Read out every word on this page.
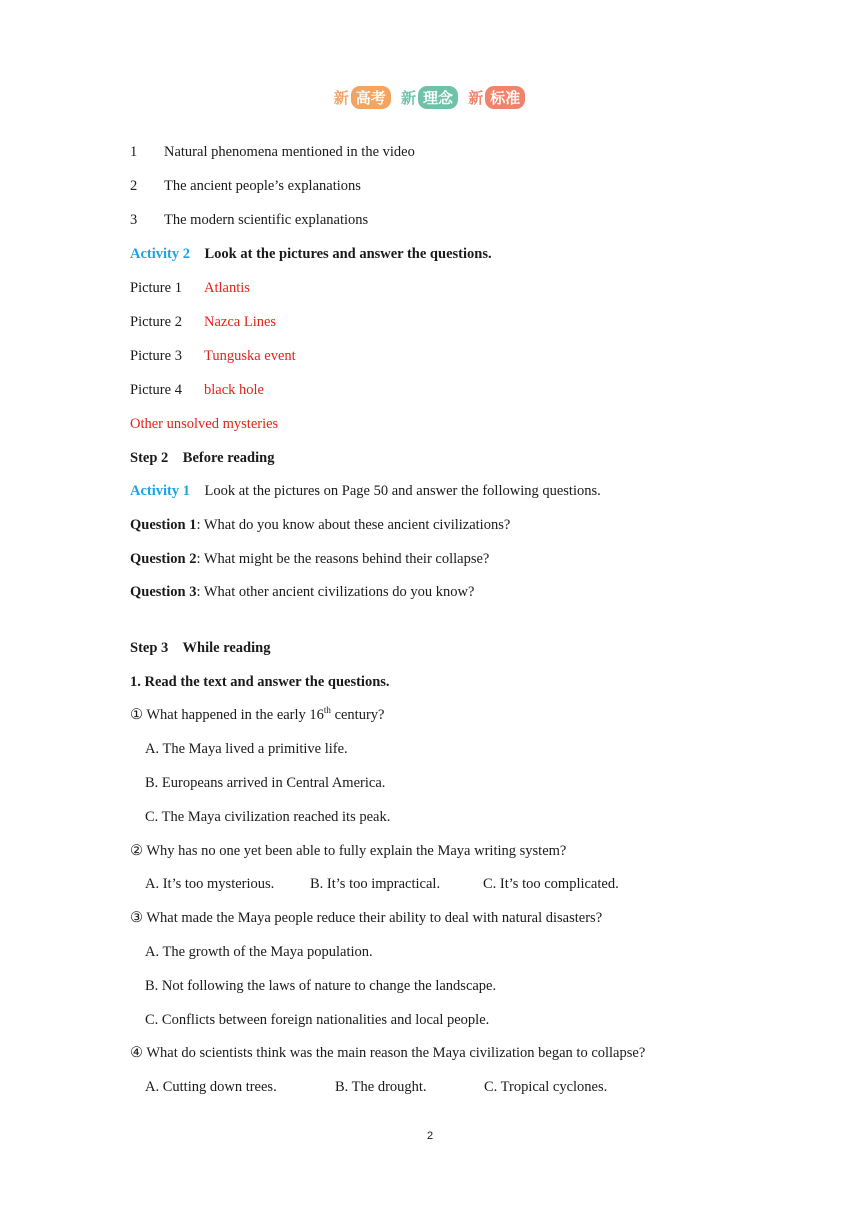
新 高考 新 理念 新 标准
1 Natural phenomena mentioned in the video
2 The ancient people’s explanations
3 The modern scientific explanations
Activity 2 Look at the pictures and answer the questions.
Picture 1 Atlantis
Picture 2 Nazca Lines
Picture 3 Tunguska event
Picture 4 black hole
Other unsolved mysteries
Step 2    Before reading
Activity 1 Look at the pictures on Page 50 and answer the following questions.
Question 1: What do you know about these ancient civilizations?
Question 2: What might be the reasons behind their collapse?
Question 3: What other ancient civilizations do you know?
Step 3    While reading
1. Read the text and answer the questions.
① What happened in the early 16th century?
A. The Maya lived a primitive life.
B. Europeans arrived in Central America.
C. The Maya civilization reached its peak.
② Why has no one yet been able to fully explain the Maya writing system?
A. It’s too mysterious. B. It’s too impractical.	C. It’s too complicated.
③ What made the Maya people reduce their ability to deal with natural disasters?
A. The growth of the Maya population.
B. Not following the laws of nature to change the landscape.
C. Conflicts between foreign nationalities and local people.
④ What do scientists think was the main reason the Maya civilization began to collapse?
A. Cutting down trees.	B. The drought.	C. Tropical cyclones.
2
